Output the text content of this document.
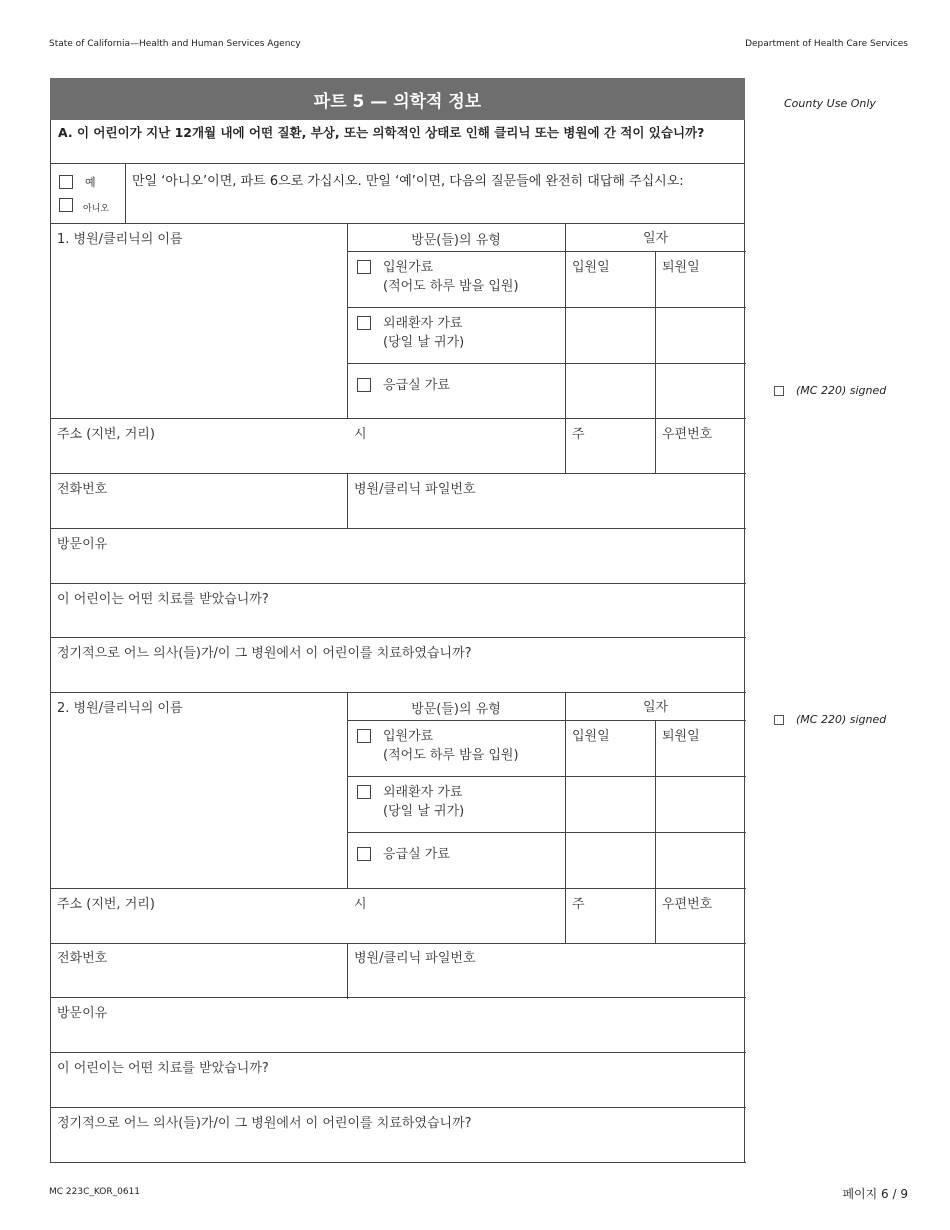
State of California—Health and Human Services Agency	Department of Health Care Services
County Use Only
(MC 220) signed
(MC 220) signed
파트 5 — 의학적 정보
A. 이 어린이가 지난 12개월 내에 어떤 질환, 부상, 또는 의학적인 상태로 인해 클리닉 또는 병원에 간 적이 있습니까?
예
아니오
만일 ‘아니오’이면, 파트 6으로 가십시오. 만일 ‘예’이면, 다음의 질문들에 완전히 대답해 주십시오:
1. 병원/클리닉의 이름	방문(들)의 유형	일자
입원가료
(적어도 하루 밤을 입원)
입원일	퇴원일
외래환자 가료
(당일 날 귀가)
응급실 가료
주소 (지번, 거리)	시	주	우편번호
전화번호	병원/클리닉 파일번호
방문이유
이 어린이는 어떤 치료를 받았습니까?
정기적으로 어느 의사(들)가/이 그 병원에서 이 어린이를 치료하였습니까?
2. 병원/클리닉의 이름	방문(들)의 유형	일자
입원가료
(적어도 하루 밤을 입원)
입원일	퇴원일
외래환자 가료
(당일 날 귀가)
응급실 가료
주소 (지번, 거리)	시	주	우편번호
전화번호	병원/클리닉 파일번호
방문이유
이 어린이는 어떤 치료를 받았습니까?
정기적으로 어느 의사(들)가/이 그 병원에서 이 어린이를 치료하였습니까?
MC 223C_KOR_0611	페이지 6 / 9
